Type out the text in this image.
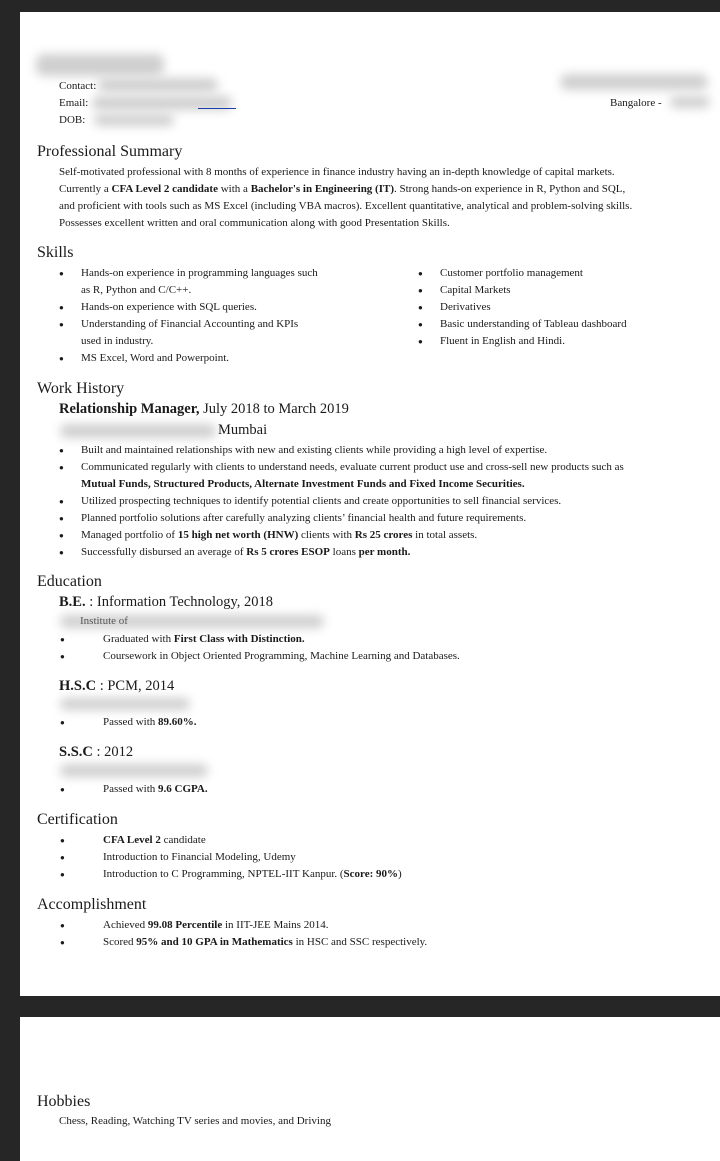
Contact:
Email:
DOB:
Bangalore -
Professional Summary
Self-motivated professional with 8 months of experience in finance industry having an in-depth knowledge of capital markets.
Currently a CFA Level 2 candidate with a Bachelor's in Engineering (IT). Strong hands-on experience in R, Python and SQL,
and proficient with tools such as MS Excel (including VBA macros). Excellent quantitative, analytical and problem-solving skills.
Possesses excellent written and oral communication along with good Presentation Skills.
Skills
● Hands-on experience in programming languages such
as R, Python and C/C++.
● Hands-on experience with SQL queries.
● Understanding of Financial Accounting and KPIs
used in industry.
● MS Excel, Word and Powerpoint.
● Customer portfolio management
● Capital Markets
● Derivatives
● Basic understanding of Tableau dashboard
● Fluent in English and Hindi.
Work History
Relationship Manager, July 2018 to March 2019
Mumbai
● Built and maintained relationships with new and existing clients while providing a high level of expertise.
● Communicated regularly with clients to understand needs, evaluate current product use and cross-sell new products such as
Mutual Funds, Structured Products, Alternate Investment Funds and Fixed Income Securities.
● Utilized prospecting techniques to identify potential clients and create opportunities to sell financial services.
● Planned portfolio solutions after carefully analyzing clients’ financial health and future requirements.
● Managed portfolio of 15 high net worth (HNW) clients with Rs 25 crores in total assets.
● Successfully disbursed an average of Rs 5 crores ESOP loans per month.
Education
B.E. : Information Technology, 2018
Institute of
● Graduated with First Class with Distinction.
● Coursework in Object Oriented Programming, Machine Learning and Databases.
H.S.C : PCM, 2014
● Passed with 89.60%.
S.S.C : 2012
● Passed with 9.6 CGPA.
Certification
● CFA Level 2 candidate
● Introduction to Financial Modeling, Udemy
● Introduction to C Programming, NPTEL-IIT Kanpur. (Score: 90%)
Accomplishment
● Achieved 99.08 Percentile in IIT-JEE Mains 2014.
● Scored 95% and 10 GPA in Mathematics in HSC and SSC respectively.
Hobbies
Chess, Reading, Watching TV series and movies, and Driving
